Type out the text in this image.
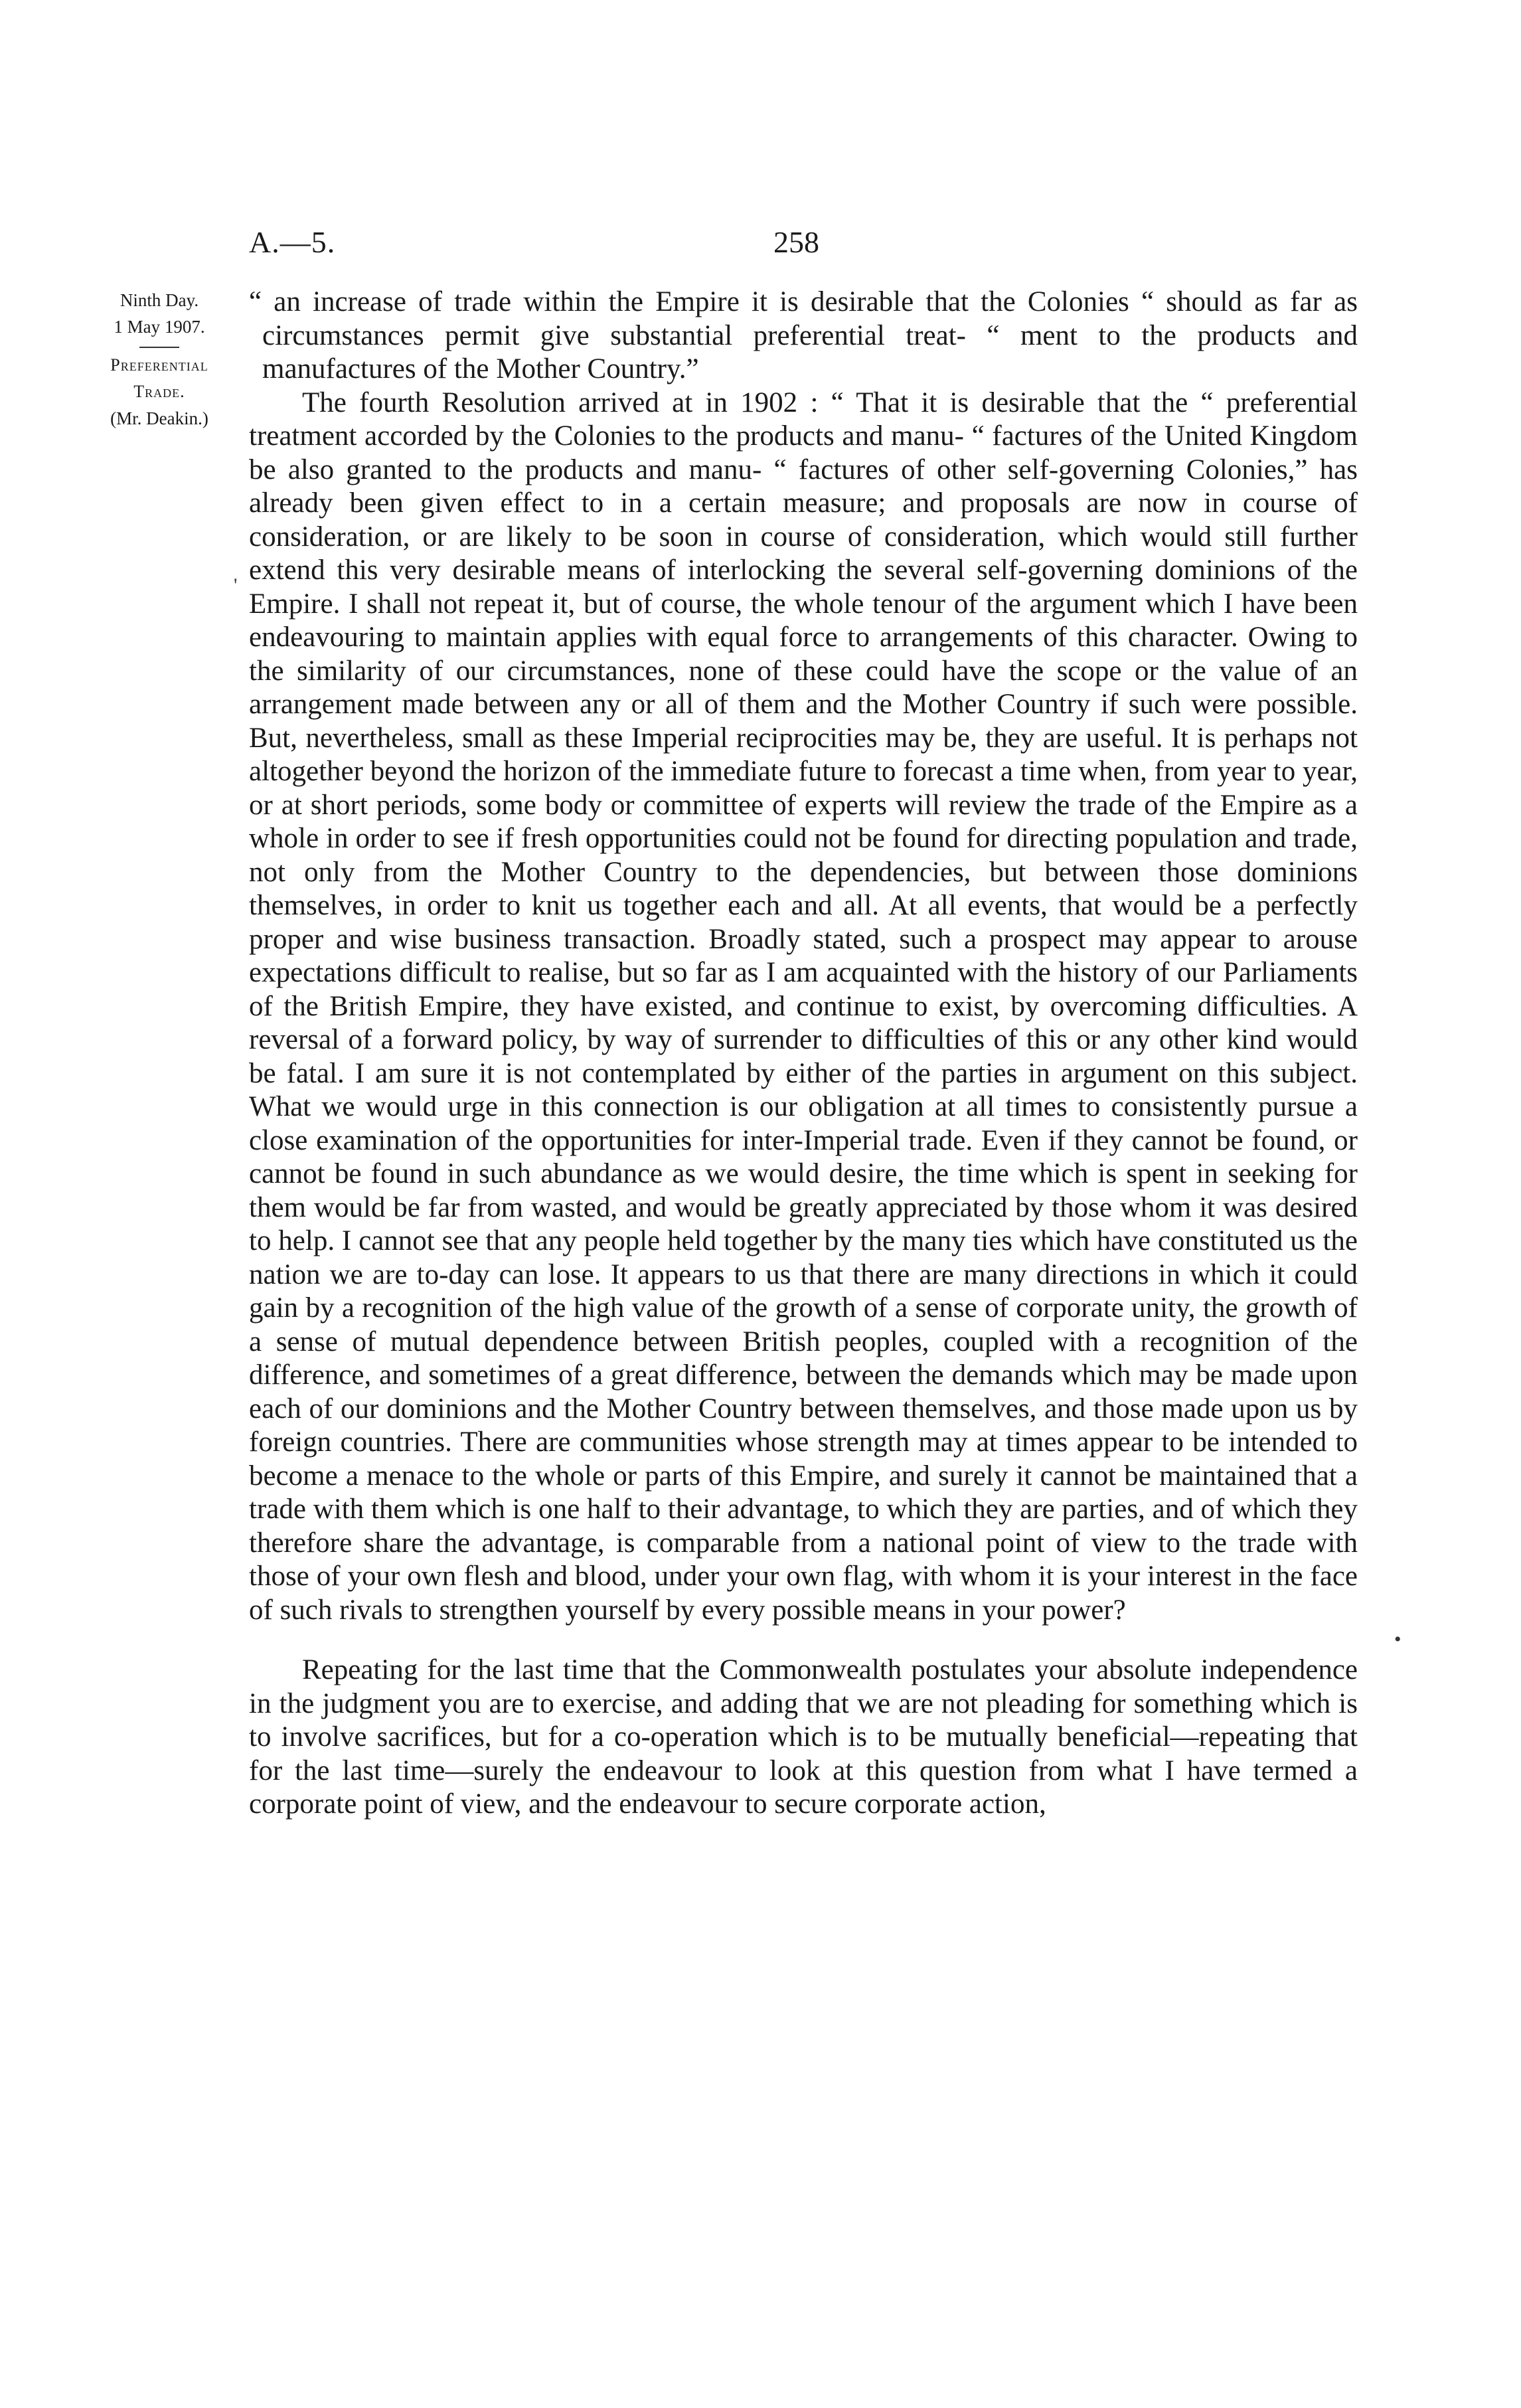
A.—5.	258
Ninth Day.
1 May 1907.
Preferential
Trade.
(Mr. Deakin.)

“ an increase of trade within the Empire it is desirable that the Colonies “ should as far as circumstances permit give substantial preferential treat- “ ment to the products and manufactures of the Mother Country.”

The fourth Resolution arrived at in 1902 : “ That it is desirable that the “ preferential treatment accorded by the Colonies to the products and manu- “ factures of the United Kingdom be also granted to the products and manu- “ factures of other self-governing Colonies,” has already been given effect to in a certain measure; and proposals are now in course of consideration, or are likely to be soon in course of consideration, which would still further extend this very desirable means of interlocking the several self-governing dominions of the Empire. I shall not repeat it, but of course, the whole tenour of the argument which I have been endeavouring to maintain applies with equal force to arrangements of this character. Owing to the similarity of our circumstances, none of these could have the scope or the value of an arrangement made between any or all of them and the Mother Country if such were possible. But, nevertheless, small as these Imperial reciprocities may be, they are useful. It is perhaps not altogether beyond the horizon of the immediate future to forecast a time when, from year to year, or at short periods, some body or committee of experts will review the trade of the Empire as a whole in order to see if fresh opportunities could not be found for directing population and trade, not only from the Mother Country to the dependencies, but between those dominions themselves, in order to knit us together each and all. At all events, that would be a perfectly proper and wise business transaction. Broadly stated, such a prospect may appear to arouse expectations difficult to realise, but so far as I am acquainted with the history of our Parliaments of the British Empire, they have existed, and continue to exist, by overcoming difficulties. A reversal of a forward policy, by way of surrender to difficulties of this or any other kind would be fatal. I am sure it is not contemplated by either of the parties in argument on this subject. What we would urge in this connection is our obligation at all times to consistently pursue a close examination of the opportunities for inter-Imperial trade. Even if they cannot be found, or cannot be found in such abundance as we would desire, the time which is spent in seeking for them would be far from wasted, and would be greatly appreciated by those whom it was desired to help. I cannot see that any people held together by the many ties which have constituted us the nation we are to-day can lose. It appears to us that there are many directions in which it could gain by a recognition of the high value of the growth of a sense of corporate unity, the growth of a sense of mutual dependence between British peoples, coupled with a recognition of the difference, and sometimes of a great difference, between the demands which may be made upon each of our dominions and the Mother Country between themselves, and those made upon us by foreign countries. There are communities whose strength may at times appear to be intended to become a menace to the whole or parts of this Empire, and surely it cannot be maintained that a trade with them which is one half to their advantage, to which they are parties, and of which they therefore share the advantage, is comparable from a national point of view to the trade with those of your own flesh and blood, under your own flag, with whom it is your interest in the face of such rivals to strengthen yourself by every possible means in your power?

Repeating for the last time that the Commonwealth postulates your absolute independence in the judgment you are to exercise, and adding that we are not pleading for something which is to involve sacrifices, but for a co-operation which is to be mutually beneficial—repeating that for the last time—surely the endeavour to look at this question from what I have termed a corporate point of view, and the endeavour to secure corporate action,

'
•
